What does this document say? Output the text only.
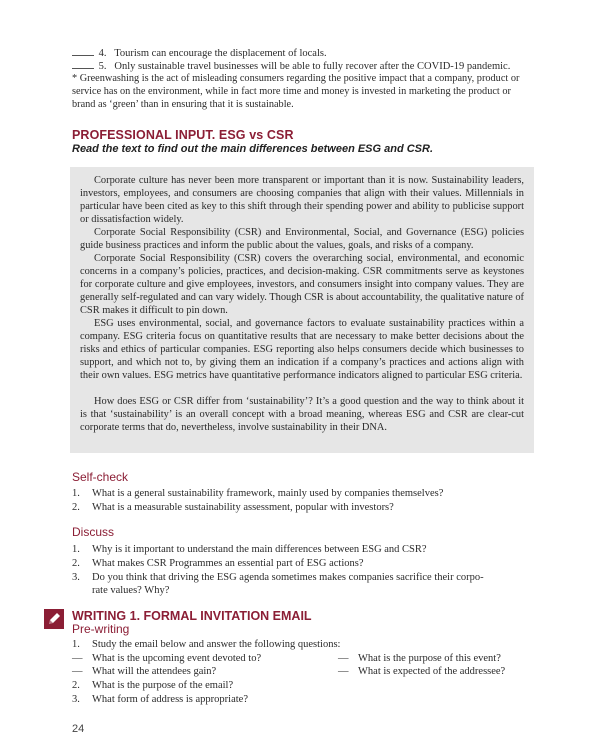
4. Tourism can encourage the displacement of locals.
5. Only sustainable travel businesses will be able to fully recover after the COVID-19 pandemic.
* Greenwashing is the act of misleading consumers regarding the positive impact that a company, product or service has on the environment, while in fact more time and money is invested in marketing the product or brand as ‘green’ than in ensuring that it is sustainable.
PROFESSIONAL INPUT. ESG vs CSR
Read the text to find out the main differences between ESG and CSR.
Corporate culture has never been more transparent or important than it is now. Sustainability leaders, investors, employees, and consumers are choosing companies that align with their values. Millennials in particular have been cited as key to this shift through their spending power and ability to publicise support or dissatisfaction widely.
Corporate Social Responsibility (CSR) and Environmental, Social, and Governance (ESG) policies guide business practices and inform the public about the values, goals, and risks of a company.
Corporate Social Responsibility (CSR) covers the overarching social, environmental, and economic concerns in a company’s policies, practices, and decision-making. CSR commitments serve as keystones for corporate culture and give employees, investors, and consumers insight into company values. They are generally self-regulated and can vary widely. Though CSR is about accountability, the qualitative nature of CSR makes it difficult to pin down.
ESG uses environmental, social, and governance factors to evaluate sustainability practices within a company. ESG criteria focus on quantitative results that are necessary to make better decisions about the risks and ethics of particular companies. ESG reporting also helps consumers decide which businesses to support, and which not to, by giving them an indication if a company’s practices and actions align with their own values. ESG metrics have quantitative performance indicators aligned to particular ESG criteria.
How does ESG or CSR differ from ‘sustainability’? It’s a good question and the way to think about it is that ‘sustainability’ is an overall concept with a broad meaning, whereas ESG and CSR are clear-cut corporate terms that do, nevertheless, involve sustainability in their DNA.
Self-check
1. What is a general sustainability framework, mainly used by companies themselves?
2. What is a measurable sustainability assessment, popular with investors?
Discuss
1. Why is it important to understand the main differences between ESG and CSR?
2. What makes CSR Programmes an essential part of ESG actions?
3. Do you think that driving the ESG agenda sometimes makes companies sacrifice their corpo-
rate values? Why?
WRITING 1. FORMAL INVITATION EMAIL
Pre-writing
1. Study the email below and answer the following questions:
— What is the upcoming event devoted to?
— What will the attendees gain?
— What is the purpose of this event?
— What is expected of the addressee?
2. What is the purpose of the email?
3. What form of address is appropriate?
24
